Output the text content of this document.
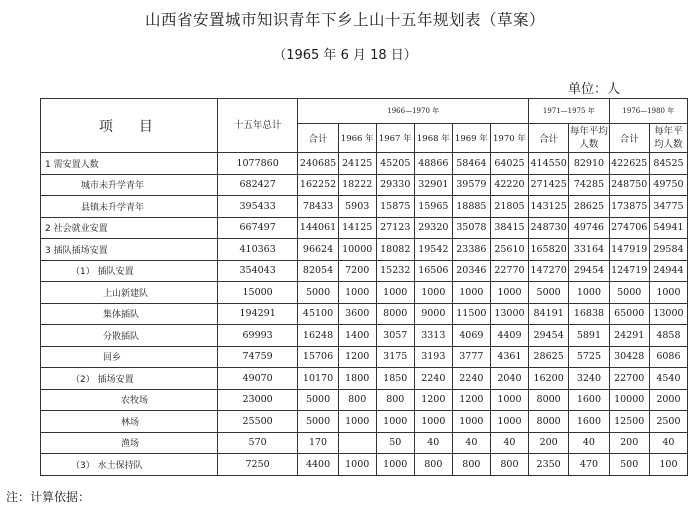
山西省安置城市知识青年下乡上山十五年规划表（草案）
（1965 年 6 月 18 日）
单位：人
项　目	十五年总计	1966—1970 年						1971—1975 年		1976—1980 年	
		合计	1966 年	1967 年	1968 年	1969 年	1970 年	合计	每年平均人数	合计	每年平均人数
1 需安置人数	1077860	240685	24125	45205	48866	58464	64025	414550	82910	422625	84525
城市未升学青年	682427	162252	18222	29330	32901	39579	42220	271425	74285	248750	49750
县镇未升学青年	395433	78433	5903	15875	15965	18885	21805	143125	28625	173875	34775
2 社会就业安置	667497	144061	14125	27123	29320	35078	38415	248730	49746	274706	54941
3 插队插场安置	410363	96624	10000	18082	19542	23386	25610	165820	33164	147919	29584
（1） 插队安置	354043	82054	7200	15232	16506	20346	22770	147270	29454	124719	24944
上山新建队	15000	5000	1000	1000	1000	1000	1000	5000	1000	5000	1000
集体插队	194291	45100	3600	8000	9000	11500	13000	84191	16838	65000	13000
分散插队	69993	16248	1400	3057	3313	4069	4409	29454	5891	24291	4858
回乡	74759	15706	1200	3175	3193	3777	4361	28625	5725	30428	6086
（2） 插场安置	49070	10170	1800	1850	2240	2240	2040	16200	3240	22700	4540
农牧场	23000	5000	800	800	1200	1200	1000	8000	1600	10000	2000
林场	25500	5000	1000	1000	1000	1000	1000	8000	1600	12500	2500
渔场	570	170		50	40	40	40	200	40	200	40
（3） 水土保持队	7250	4400	1000	1000	800	800	800	2350	470	500	100
注：计算依据：
